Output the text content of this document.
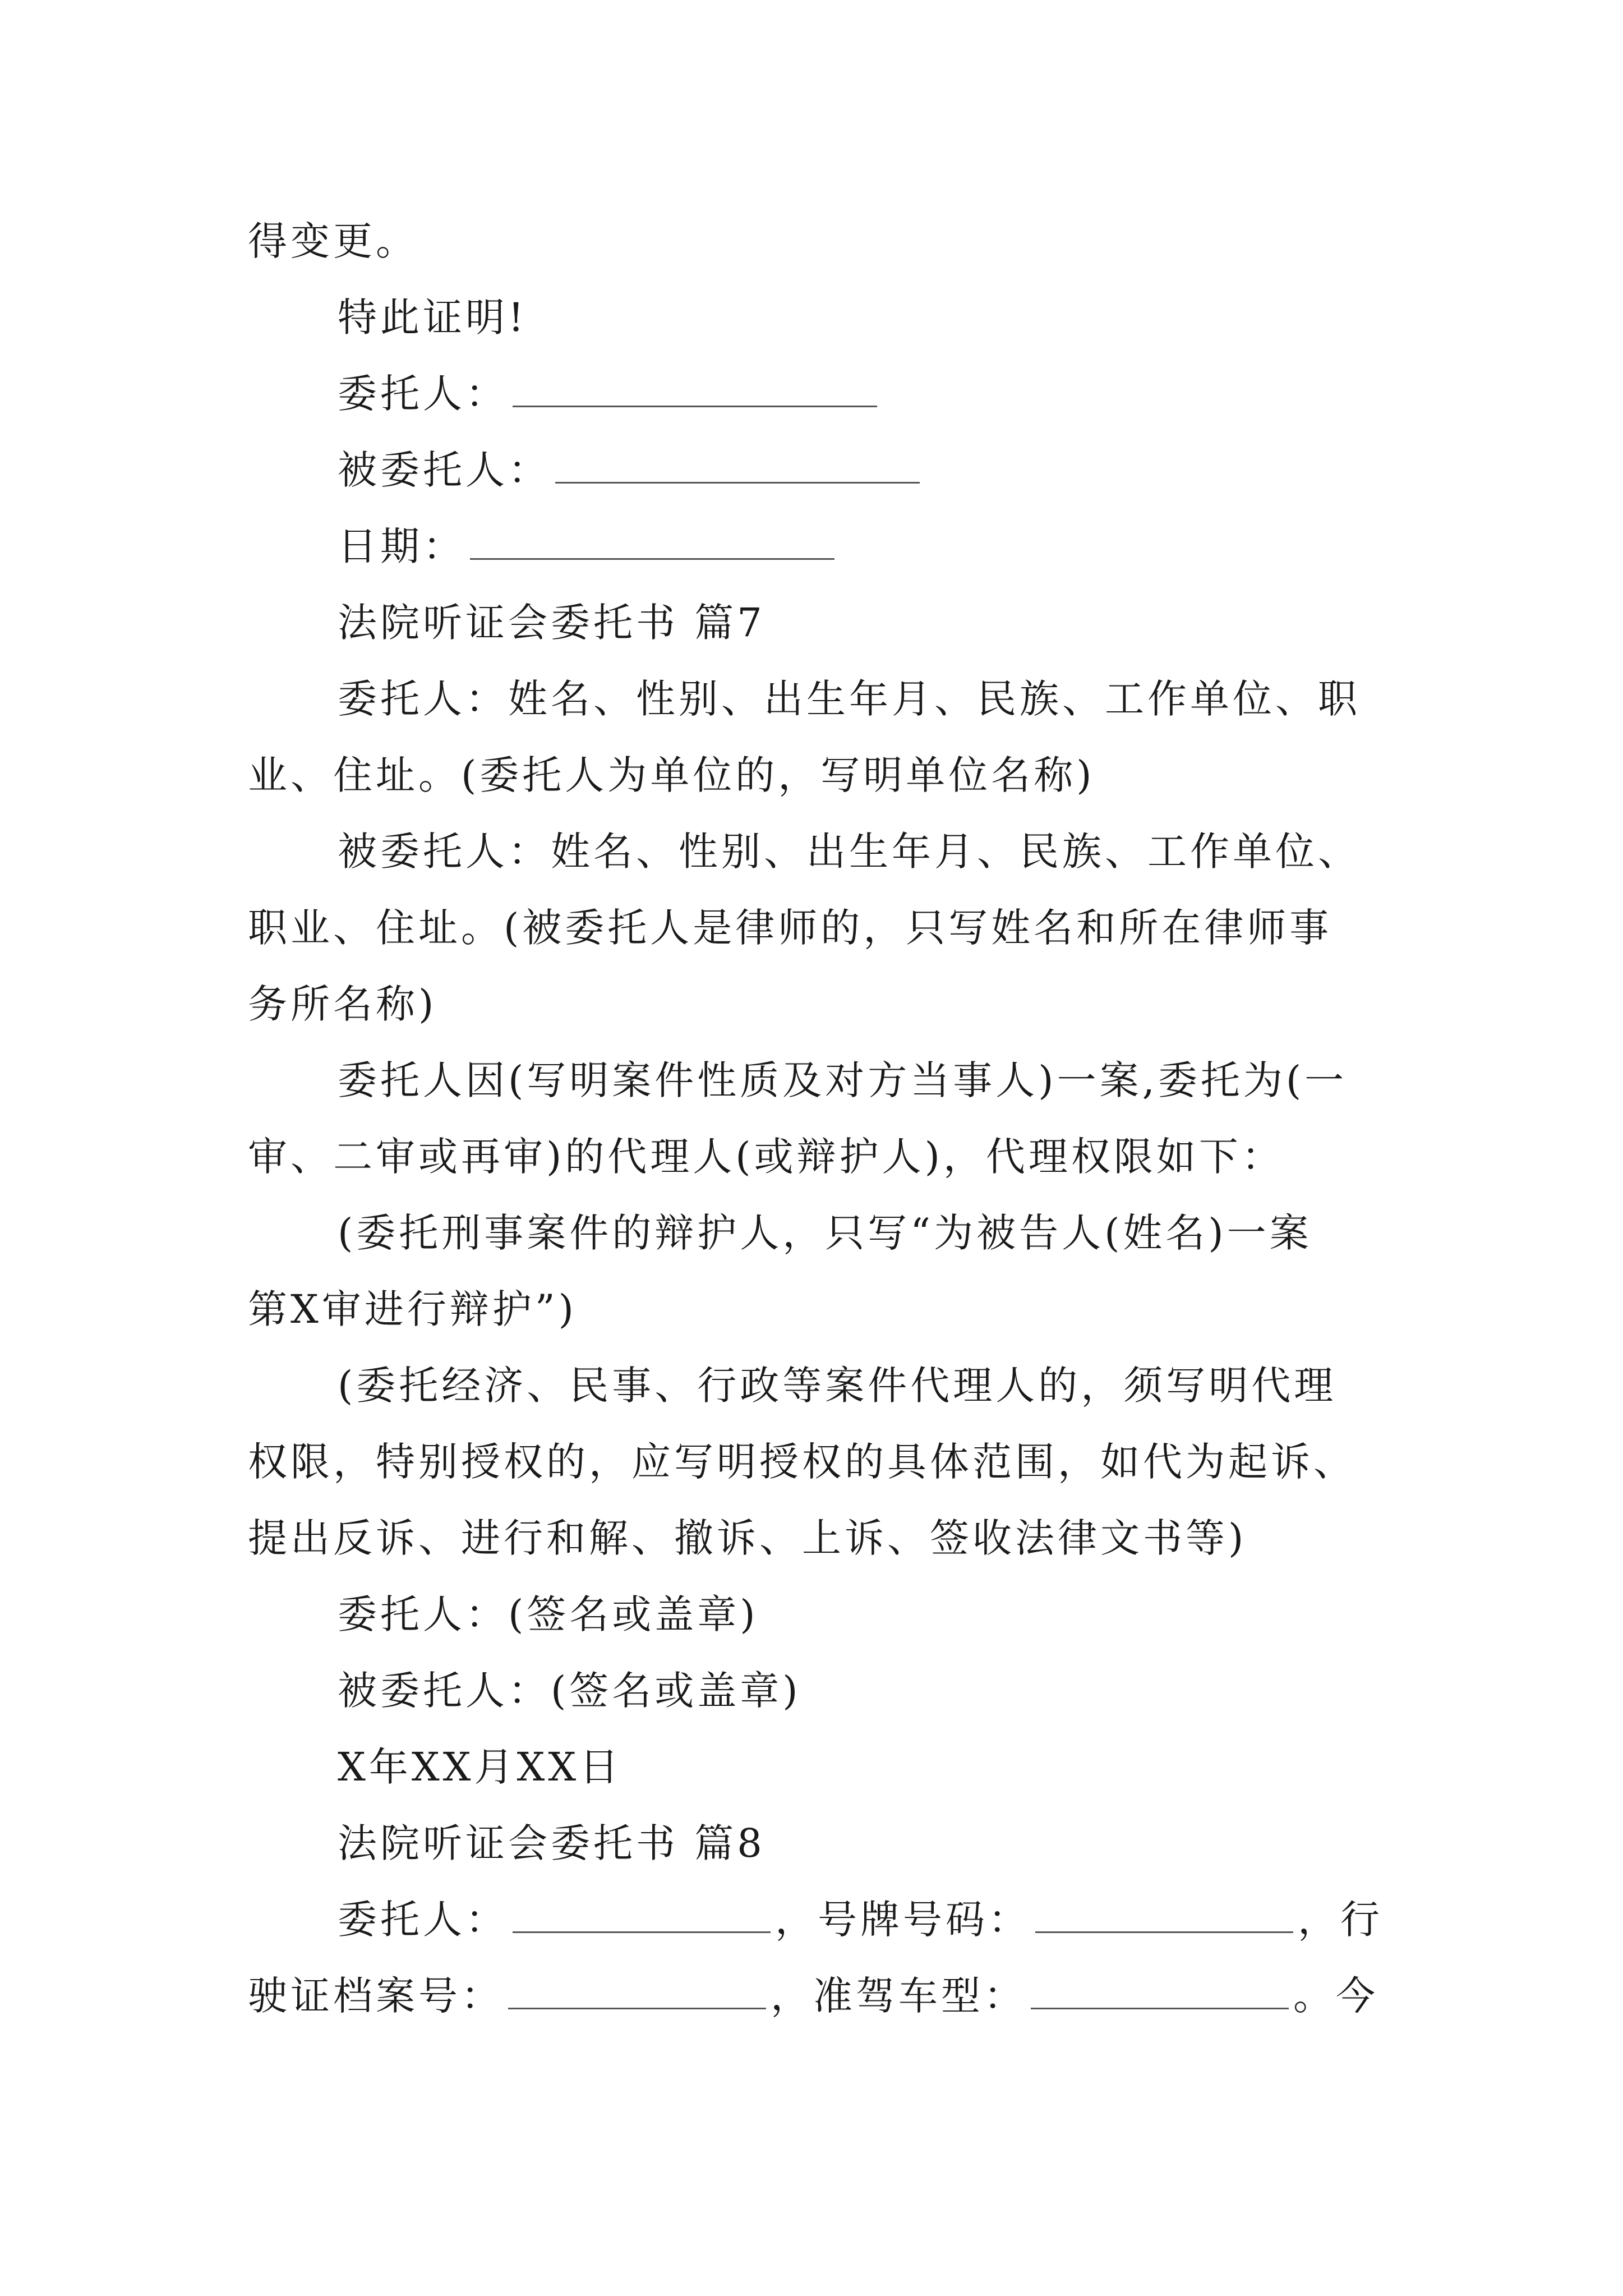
得变更。
特此证明!
委托人：
被委托人：
日期：
法院听证会委托书 篇7
委托人：姓名、性别、出生年月、民族、工作单位、职
业、住址。(委托人为单位的，写明单位名称)
被委托人：姓名、性别、出生年月、民族、工作单位、
职业、住址。(被委托人是律师的，只写姓名和所在律师事
务所名称)
委托人因(写明案件性质及对方当事人)一案,委托为(一
审、二审或再审)的代理人(或辩护人)，代理权限如下：
(委托刑事案件的辩护人，只写“为被告人(姓名)一案
第X审进行辩护”)
(委托经济、民事、行政等案件代理人的，须写明代理
权限，特别授权的，应写明授权的具体范围，如代为起诉、
提出反诉、进行和解、撤诉、上诉、签收法律文书等)
委托人：(签名或盖章)
被委托人：(签名或盖章)
X年XX月XX日
法院听证会委托书 篇8
委托人：	，号牌号码：	，行
驶证档案号：	，准驾车型：	。今
